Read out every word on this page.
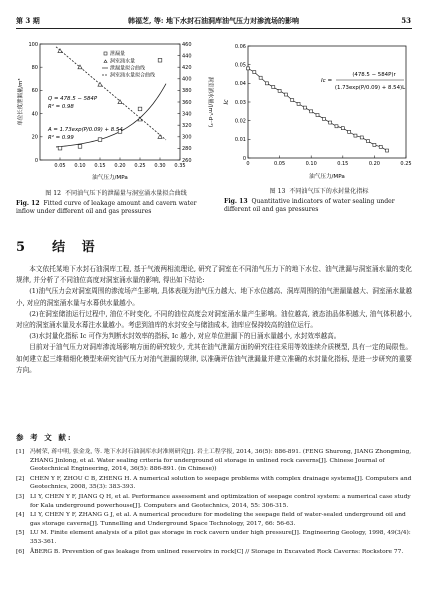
第 3 期	韩福芝, 等: 地下水封石油洞库油气压力对渗流场的影响	53
0.05 0.10 0.15 0.20 0.25 0.30 0.35
0
20
40
60
80
100
260
280
300
320
340
360
380
400
420
440
460
泄漏量
洞室涌水量
泄漏量拟合曲线
洞室涌水量拟合曲线
Q = 478.5 − 584P
R² = 0.98
A = 1.73exp(P/0.09) + 8.54
R² = 0.99
单位长度泄漏量/m³	洞室涌水量/(m³·d⁻¹)
油气压力/MPa
图 12 不同油气压下的泄漏量与洞室涌水量拟合曲线
Fig. 12 Fitted curve of leakage amount and cavern water inflow under different oil and gas pressures
0	0.05	0.10	0.15	0.20	0.25
0
0.01
0.02
0.03
0.04
0.05
0.06
Ic =
(478.5 − 584P)r
(1.73exp(P/0.09) + 8.54)L
Ic
油气压力/MPa
图 13 不同油气压下的水封量化指标
Fig. 13 Quantitative indicators of water sealing under different oil and gas pressures
5 结 语

本文依托某地下水封石油洞库工程, 基于气液两相流理论, 研究了洞室在不同油气压力下的地下水位、油气泄漏与洞室涌水量的变化规律, 并分析了不同油位高度对洞室涌水量的影响, 得出如下结论:

(1)油气压力会对洞室周围的渗流场产生影响, 具体表现为油气压力越大、地下水位越高、洞库周围的油气泄漏量越大、洞室涌水量越小, 对应的洞室涌水量与水幕供水量越小。

(2)在洞室储油运行过程中, 油位不时变化, 不同的油位高度会对洞室涌水量产生影响。油位越高, 液态油品体积越大, 油气体积越小, 对应的洞室涌水量及水幕注水量越小。考虑到油库的水封安全与储油成本, 油库应保持较高的油位运行。

(3)水封量化指标 Ic 可作为判断水封效率的指标, Ic 越小, 对应单位泄漏下的日涌水量越小, 水封效率越高。

目前对于油气压力对洞库渗流场影响方面的研究较少, 尤其在油气泄漏方面的研究往往采用等效连续介质模型, 具有一定的局限性。如何建立起三维精细化模型来研究油气压力对油气泄漏的规律, 以准确评估油气泄漏量并建立准确的水封量化指标, 是进一步研究的重要方向。

参 考 文 献:
[1] 冯树荣, 蒋中明, 张金龙, 等. 地下水封石油洞库水封准则研究[J]. 岩土工程学报, 2014, 36(5): 886-891. (FENG Shurong, JIANG Zhongming, ZHANG Jinlong, et al. Water sealing criteria for underground oil storage in unlined rock caverns[J]. Chinese Journal of Geotechnical Engineering, 2014, 36(5): 886-891. (in Chinese))
[2] CHEN Y F, ZHOU C B, ZHENG H. A numerical solution to seepage problems with complex drainage systems[J]. Computers and Geotechnics, 2008, 35(3): 383-393.
[3] LI Y, CHEN Y F, JIANG Q H, et al. Performance assessment and optimization of seepage control system: a numerical case study for Kala underground powerhouse[J]. Computers and Geotechnics, 2014, 55: 306-315.
[4] LI Y, CHEN Y F, ZHANG G J, et al. A numerical procedure for modeling the seepage field of water-sealed underground oil and gas storage caverns[J]. Tunnelling and Underground Space Technology, 2017, 66: 56-63.
[5] LU M. Finite element analysis of a pilot gas storage in rock cavern under high pressure[J]. Engineering Geology, 1998, 49(3/4): 353-361.
[6] ÅBERG B. Prevention of gas leakage from unlined reservoirs in rock[C] // Storage in Excavated Rock Caverns: Rockstore 77.
